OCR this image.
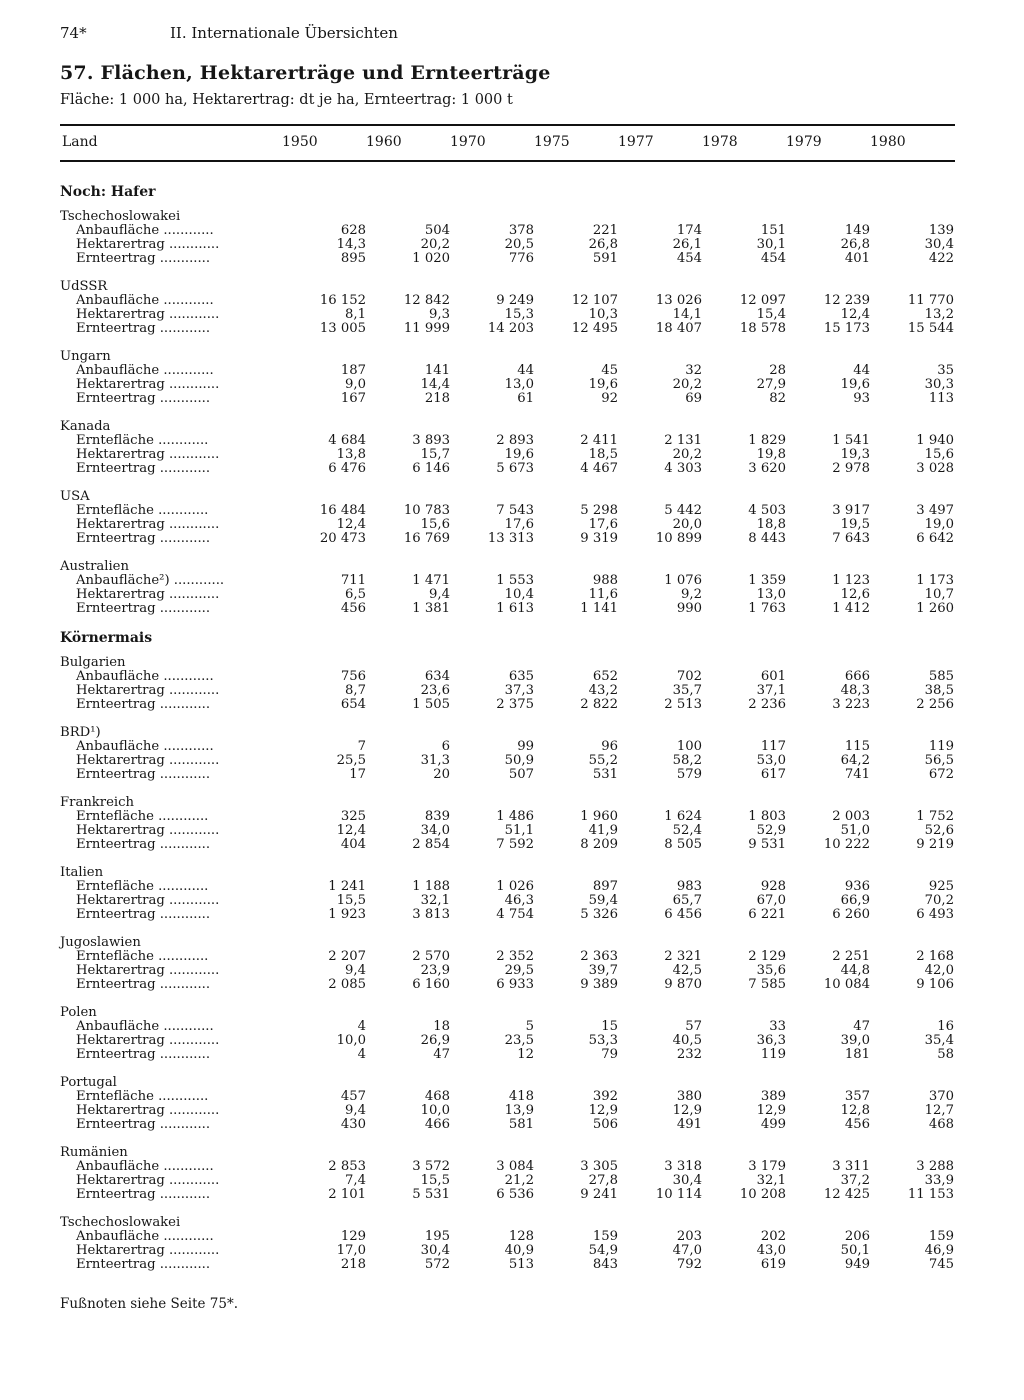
74*	II. Internationale Übersichten
57. Flächen, Hektarerträge und Ernteerträge
Fläche: 1 000 ha, Hektarertrag: dt je ha, Ernteertrag: 1 000 t
Land	1950	1960	1970	1975	1977	1978	1979	1980
Noch: Hafer								
Tschechoslowakei								
Anbaufläche ............	628	504	378	221	174	151	149	139
Hektarertrag ............	14,3	20,2	20,5	26,8	26,1	30,1	26,8	30,4
Ernteertrag ............	895	1 020	776	591	454	454	401	422

UdSSR								
Anbaufläche ............	16 152	12 842	9 249	12 107	13 026	12 097	12 239	11 770
Hektarertrag ............	8,1	9,3	15,3	10,3	14,1	15,4	12,4	13,2
Ernteertrag ............	13 005	11 999	14 203	12 495	18 407	18 578	15 173	15 544

Ungarn								
Anbaufläche ............	187	141	44	45	32	28	44	35
Hektarertrag ............	9,0	14,4	13,0	19,6	20,2	27,9	19,6	30,3
Ernteertrag ............	167	218	61	92	69	82	93	113

Kanada								
Erntefläche ............	4 684	3 893	2 893	2 411	2 131	1 829	1 541	1 940
Hektarertrag ............	13,8	15,7	19,6	18,5	20,2	19,8	19,3	15,6
Ernteertrag ............	6 476	6 146	5 673	4 467	4 303	3 620	2 978	3 028

USA								
Erntefläche ............	16 484	10 783	7 543	5 298	5 442	4 503	3 917	3 497
Hektarertrag ............	12,4	15,6	17,6	17,6	20,0	18,8	19,5	19,0
Ernteertrag ............	20 473	16 769	13 313	9 319	10 899	8 443	7 643	6 642

Australien								
Anbaufläche²) ............	711	1 471	1 553	988	1 076	1 359	1 123	1 173
Hektarertrag ............	6,5	9,4	10,4	11,6	9,2	13,0	12,6	10,7
Ernteertrag ............	456	1 381	1 613	1 141	990	1 763	1 412	1 260

Körnermais								
Bulgarien								
Anbaufläche ............	756	634	635	652	702	601	666	585
Hektarertrag ............	8,7	23,6	37,3	43,2	35,7	37,1	48,3	38,5
Ernteertrag ............	654	1 505	2 375	2 822	2 513	2 236	3 223	2 256

BRD¹)								
Anbaufläche ............	7	6	99	96	100	117	115	119
Hektarertrag ............	25,5	31,3	50,9	55,2	58,2	53,0	64,2	56,5
Ernteertrag ............	17	20	507	531	579	617	741	672

Frankreich								
Erntefläche ............	325	839	1 486	1 960	1 624	1 803	2 003	1 752
Hektarertrag ............	12,4	34,0	51,1	41,9	52,4	52,9	51,0	52,6
Ernteertrag ............	404	2 854	7 592	8 209	8 505	9 531	10 222	9 219

Italien								
Erntefläche ............	1 241	1 188	1 026	897	983	928	936	925
Hektarertrag ............	15,5	32,1	46,3	59,4	65,7	67,0	66,9	70,2
Ernteertrag ............	1 923	3 813	4 754	5 326	6 456	6 221	6 260	6 493

Jugoslawien								
Erntefläche ............	2 207	2 570	2 352	2 363	2 321	2 129	2 251	2 168
Hektarertrag ............	9,4	23,9	29,5	39,7	42,5	35,6	44,8	42,0
Ernteertrag ............	2 085	6 160	6 933	9 389	9 870	7 585	10 084	9 106

Polen								
Anbaufläche ............	4	18	5	15	57	33	47	16
Hektarertrag ............	10,0	26,9	23,5	53,3	40,5	36,3	39,0	35,4
Ernteertrag ............	4	47	12	79	232	119	181	58

Portugal								
Erntefläche ............	457	468	418	392	380	389	357	370
Hektarertrag ............	9,4	10,0	13,9	12,9	12,9	12,9	12,8	12,7
Ernteertrag ............	430	466	581	506	491	499	456	468

Rumänien								
Anbaufläche ............	2 853	3 572	3 084	3 305	3 318	3 179	3 311	3 288
Hektarertrag ............	7,4	15,5	21,2	27,8	30,4	32,1	37,2	33,9
Ernteertrag ............	2 101	5 531	6 536	9 241	10 114	10 208	12 425	11 153

Tschechoslowakei								
Anbaufläche ............	129	195	128	159	203	202	206	159
Hektarertrag ............	17,0	30,4	40,9	54,9	47,0	43,0	50,1	46,9
Ernteertrag ............	218	572	513	843	792	619	949	745
Fußnoten siehe Seite 75*.
